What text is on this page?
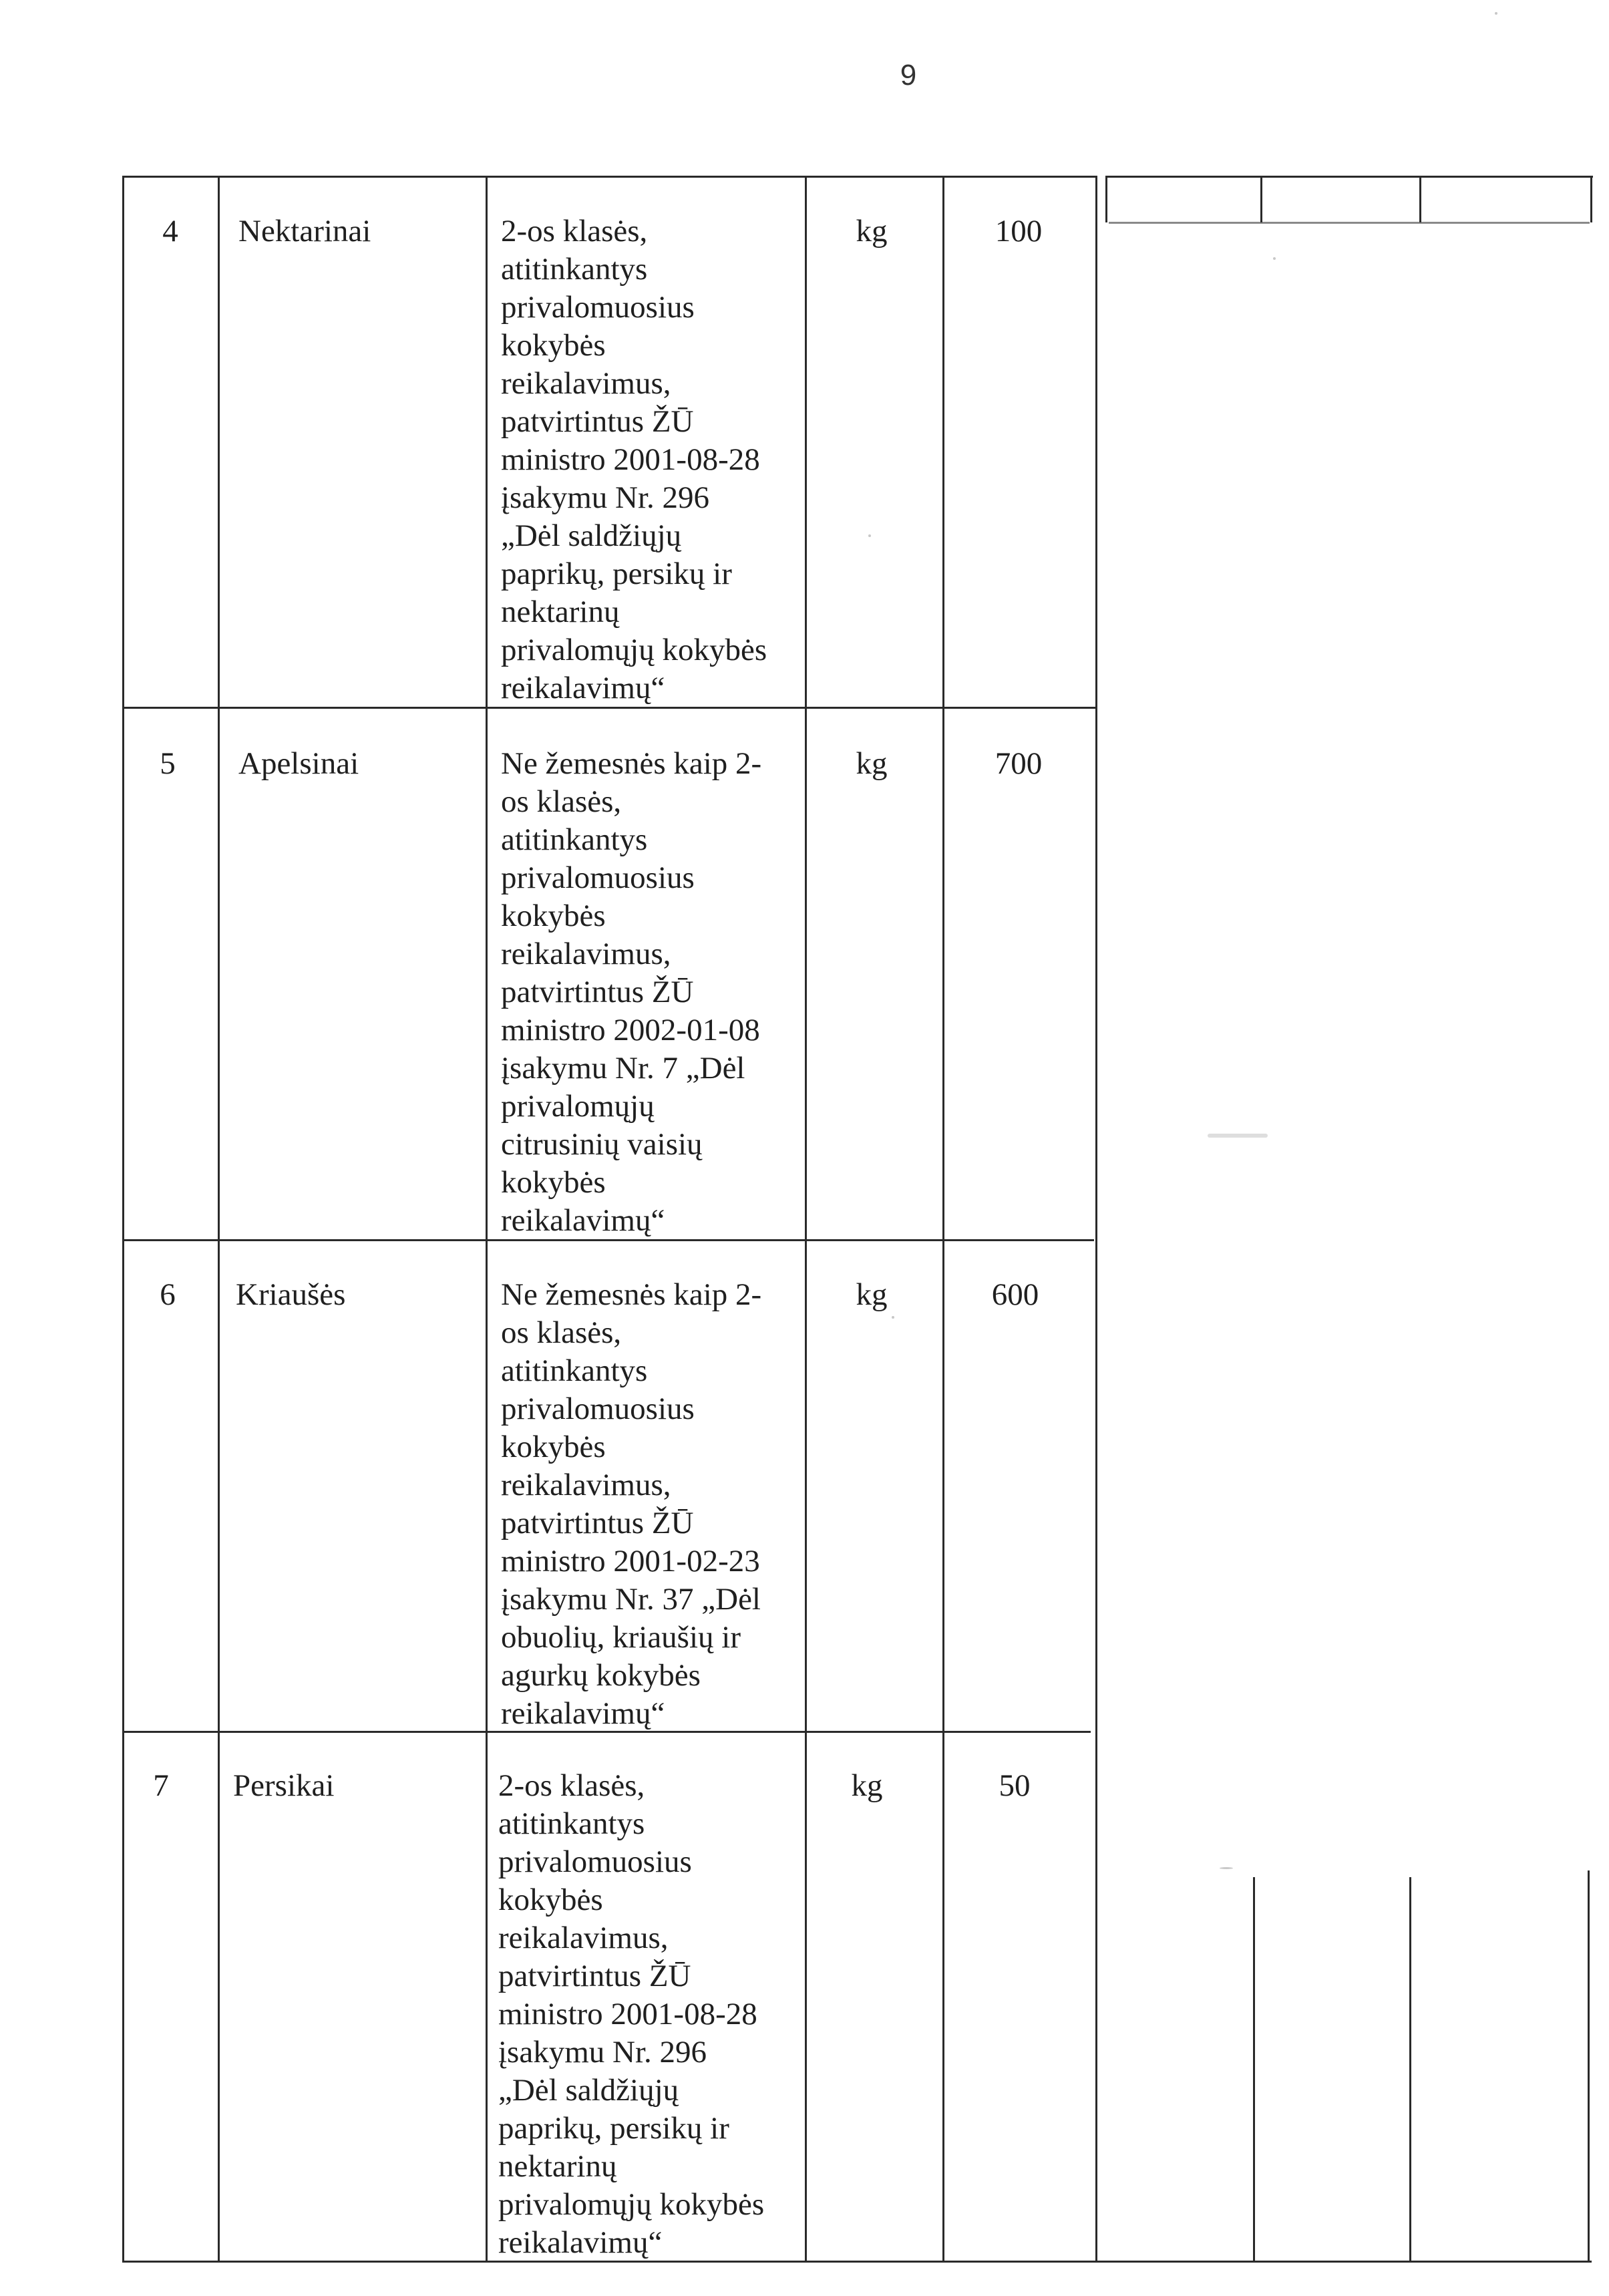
9
4	Nektarinai	2-os klasės,
atitinkantys
privalomuosius
kokybės
reikalavimus,
patvirtintus ŽŪ
ministro 2001-08-28
įsakymu Nr. 296
„Dėl saldžiųjų
paprikų, persikų ir
nektarinų
privalomųjų kokybės
reikalavimų“
kg	100
5	Apelsinai	Ne žemesnės kaip 2-
os klasės,
atitinkantys
privalomuosius
kokybės
reikalavimus,
patvirtintus ŽŪ
ministro 2002-01-08
įsakymu Nr. 7 „Dėl
privalomųjų
citrusinių vaisių
kokybės
reikalavimų“
kg	700
6	Kriaušės	Ne žemesnės kaip 2-
os klasės,
atitinkantys
privalomuosius
kokybės
reikalavimus,
patvirtintus ŽŪ
ministro 2001-02-23
įsakymu Nr. 37 „Dėl
obuolių, kriaušių ir
agurkų kokybės
reikalavimų“
kg	600
7	Persikai	2-os klasės,
atitinkantys
privalomuosius
kokybės
reikalavimus,
patvirtintus ŽŪ
ministro 2001-08-28
įsakymu Nr. 296
„Dėl saldžiųjų
paprikų, persikų ir
nektarinų
privalomųjų kokybės
reikalavimų“
kg	50
